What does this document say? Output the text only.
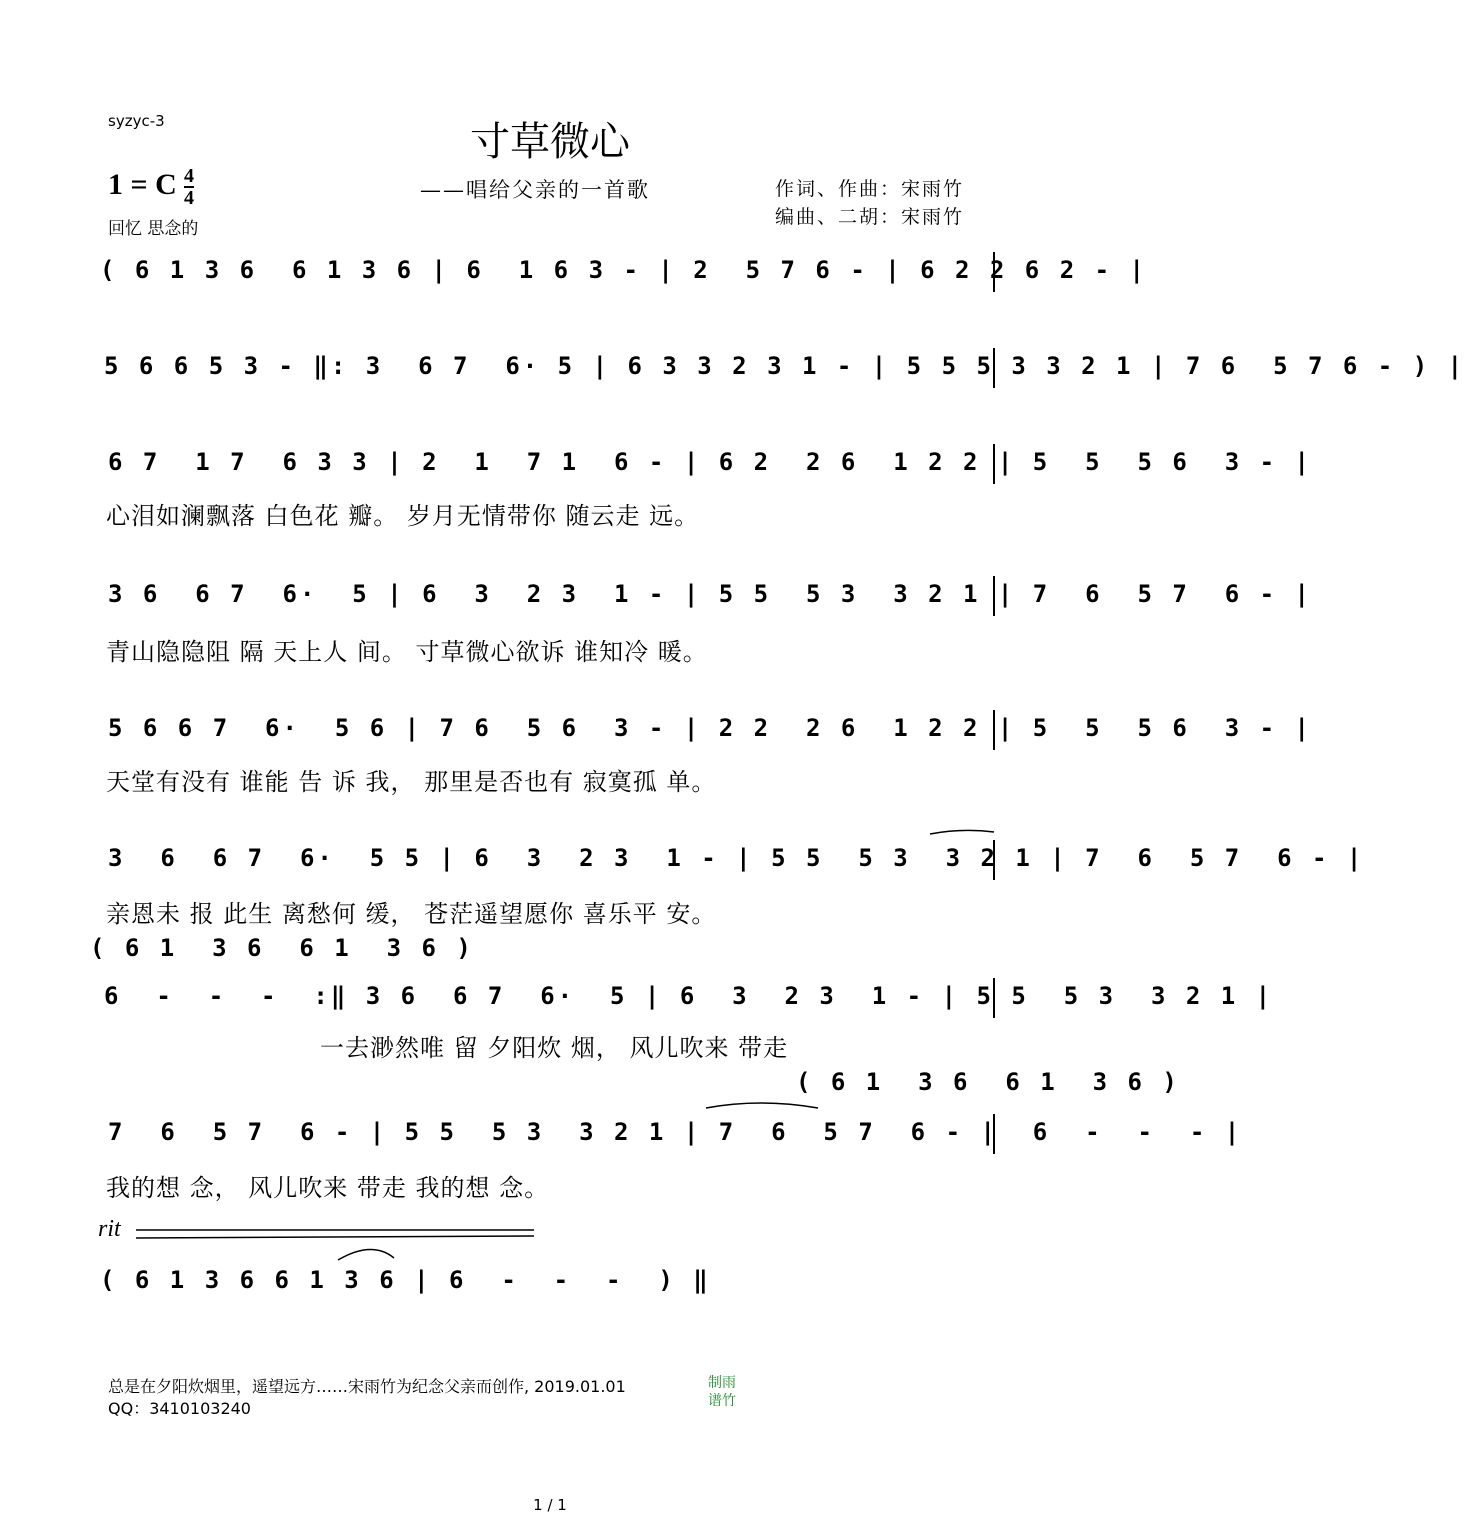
syzyc-3	寸草微心
1 = C $\frac{4}{4}$
回忆 思念的
——唱给父亲的一首歌	作词、作曲：宋雨竹
编曲、二胡：宋雨竹
( 6 1 3 6  6 1 3 6 | 6  1 6 3 - | 2  5 7 6 - | 6 2 2 6 2 - |
5 6 6 5 3 - ‖: 3  6 7  6· 5 | 6 3 3 2 3 1 - | 5 5 5 3 3 2 1 | 7 6  5 7 6 - ) |
6 7  1 7  6 3 3 | 2  1  7 1  6 - | 6 2  2 6  1 2 2 | 5  5  5 6  3 - |
心泪如澜飘落 白色花 瓣。 岁月无情带你 随云走 远。
3 6  6 7  6·  5 | 6  3  2 3  1 - | 5 5  5 3  3 2 1 | 7  6  5 7  6 - |
青山隐隐阻 隔 天上人 间。 寸草微心欲诉 谁知冷 暖。
5 6 6 7  6·  5 6 | 7 6  5 6  3 - | 2 2  2 6  1 2 2 | 5  5  5 6  3 - |
天堂有没有 谁能 告 诉 我， 那里是否也有 寂寞孤 单。
3  6  6 7  6·  5 5 | 6  3  2 3  1 - | 5 5  5 3  3 2 1 | 7  6  5 7  6 - |
亲恩未 报 此生 离愁何 缓， 苍茫遥望愿你 喜乐平 安。
( 6 1  3 6  6 1  3 6 )
6  -  -  -  :‖ 3 6  6 7  6·  5 | 6  3  2 3  1 - | 5 5  5 3  3 2 1 |
一去渺然唯 留 夕阳炊 烟， 风儿吹来 带走
( 6 1  3 6  6 1  3 6 )
7  6  5 7  6 - | 5 5  5 3  3 2 1 | 7  6  5 7  6 - |  6  -  -  - |
我的想 念， 风儿吹来 带走 我的想 念。
rit
( 6 1 3 6 6 1 3 6 | 6  -  -  -  ) ‖
总是在夕阳炊烟里，遥望远方……宋雨竹为纪念父亲而创作, 2019.01.01
QQ：3410103240
制雨谱竹
1 / 1
